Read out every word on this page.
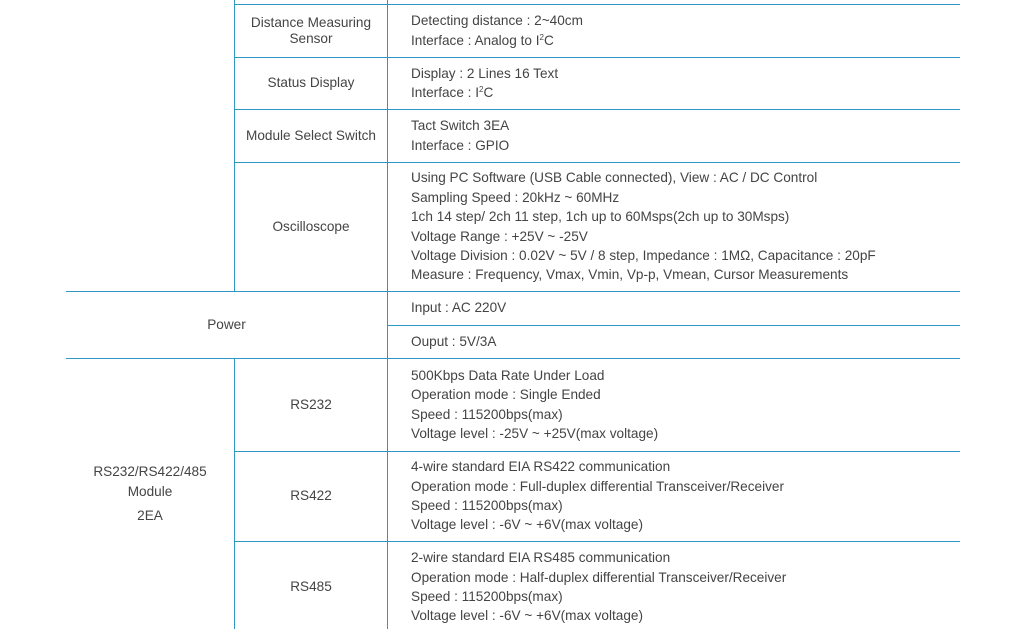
Distance Measuring
Sensor
Detecting distance : 2~40cm
Interface : Analog to $I^2C$
Status Display
Display : 2 Lines 16 Text
Interface : $I^2C$
Module Select Switch
Tact Switch 3EA
Interface : GPIO
Oscilloscope
Using PC Software (USB Cable connected), View : AC / DC Control
Sampling Speed : 20kHz ~ 60MHz
1ch 14 step/ 2ch 11 step, 1ch up to 60Msps(2ch up to 30Msps)
Voltage Range : +25V ~ -25V
Voltage Division : 0.02V ~ 5V / 8 step, Impedance : 1MΩ, Capacitance : 20pF
Measure : Frequency, Vmax, Vmin, Vp-p, Vmean, Cursor Measurements
Power
Input : AC 220V
Ouput : 5V/3A
RS232/RS422/485
Module
2EA
RS232
500Kbps Data Rate Under Load
Operation mode : Single Ended
Speed : 115200bps(max)
Voltage level : -25V ~ +25V(max voltage)
RS422
4-wire standard EIA RS422 communication
Operation mode : Full-duplex differential Transceiver/Receiver
Speed : 115200bps(max)
Voltage level : -6V ~ +6V(max voltage)
RS485
2-wire standard EIA RS485 communication
Operation mode : Half-duplex differential Transceiver/Receiver
Speed : 115200bps(max)
Voltage level : -6V ~ +6V(max voltage)
